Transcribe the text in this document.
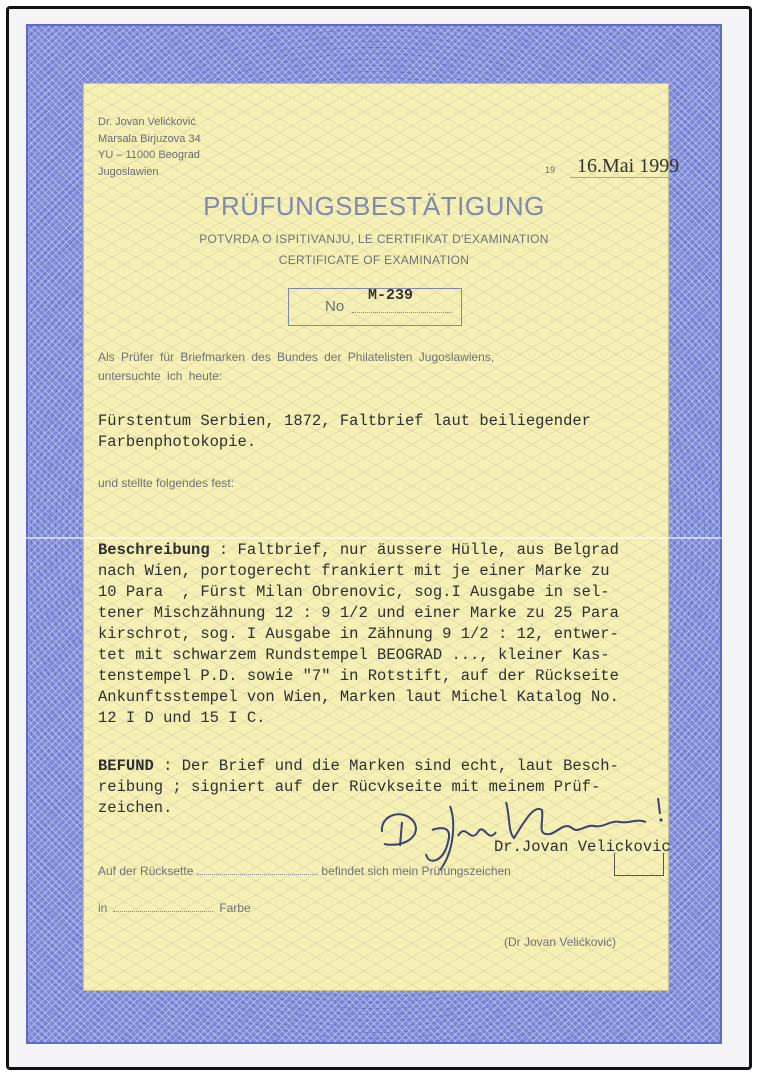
Dr. Jovan Velićković
Marsala Birjuzova 34
YU – 11000 Beograd
Jugoslawien	19 16.Mai 1999
PRÜFUNGSBESTÄTIGUNG
POTVRDA O ISPITIVANJU, LE CERTIFIKAT D'EXAMINATION
CERTIFICATE OF EXAMINATION
No
M-239
Als Prüfer für Briefmarken des Bundes der Philatelisten Jugoslawiens,
untersuchte ich heute:
Fürstentum Serbien, 1872, Faltbrief laut beiliegender
Farbenphotokopie.
und stellte folgendes fest:
Beschreibung : Faltbrief, nur äussere Hülle, aus Belgrad
nach Wien, portogerecht frankiert mit je einer Marke zu
10 Para  , Fürst Milan Obrenovic, sog.I Ausgabe in sel-
tener Mischzähnung 12 : 9 1/2 und einer Marke zu 25 Para
kirschrot, sog. I Ausgabe in Zähnung 9 1/2 : 12, entwer-
tet mit schwarzem Rundstempel BEOGRAD ..., kleiner Kas-
tenstempel P.D. sowie "7" in Rotstift, auf der Rückseite
Ankunftsstempel von Wien, Marken laut Michel Katalog No.
12 I D und 15 I C.
BEFUND : Der Brief und die Marken sind echt, laut Besch-
reibung ; signiert auf der Rücvkseite mit meinem Prüf-
zeichen.
Dr.Jovan Velickovic
Auf der Rücksette	befindet sich mein Prüfungszeichen
in	Farbe
(Dr Jovan Velićković)
